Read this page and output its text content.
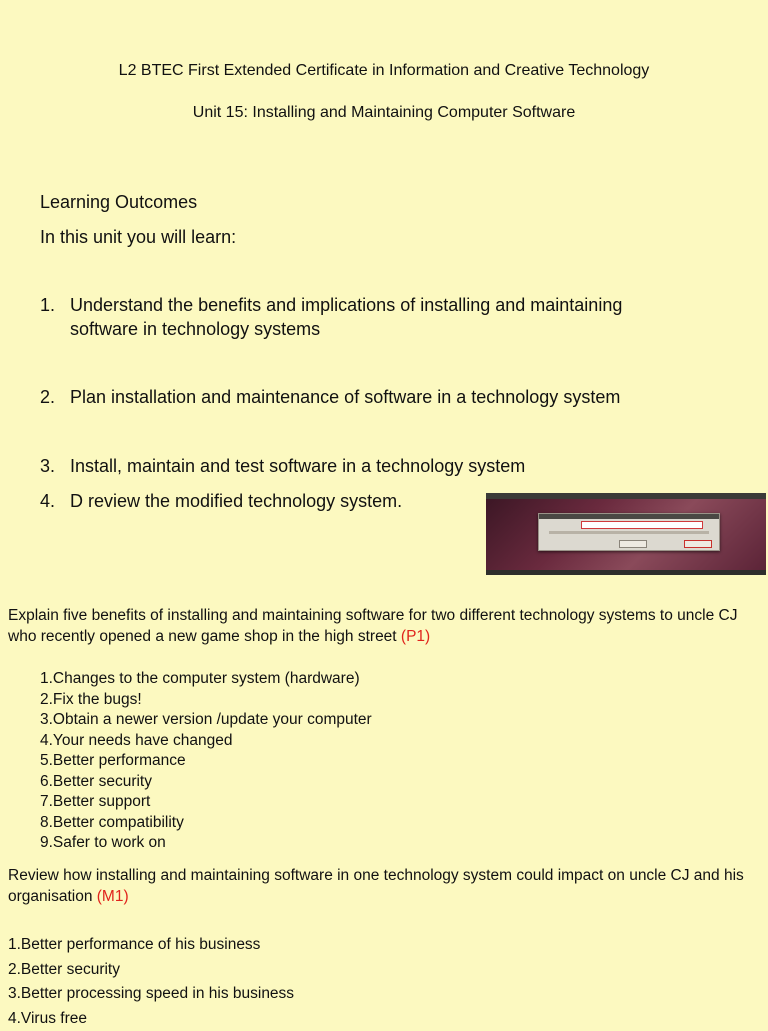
L2 BTEC First Extended Certificate in Information and Creative Technology
Unit 15: Installing and Maintaining Computer Software
Learning Outcomes
In this unit you will learn:
1. Understand the benefits and implications of installing and maintaining software in technology systems
2. Plan installation and maintenance of software in a technology system
3. Install, maintain and test software in a technology system
4. D review the modified technology system.
Explain five benefits of installing and maintaining software for two different technology systems to uncle CJ who recently opened a new game shop in the high street (P1)
1.Changes to the computer system (hardware)
2.Fix the bugs!
3.Obtain a newer version /update your computer
4.Your needs have changed
5.Better performance
6.Better security
7.Better support
8.Better compatibility
9.Safer to work on
Review how installing and maintaining software in one technology system could impact on uncle CJ and his organisation (M1)
1.Better performance of his business
2.Better security
3.Better processing speed in his business
4.Virus free
